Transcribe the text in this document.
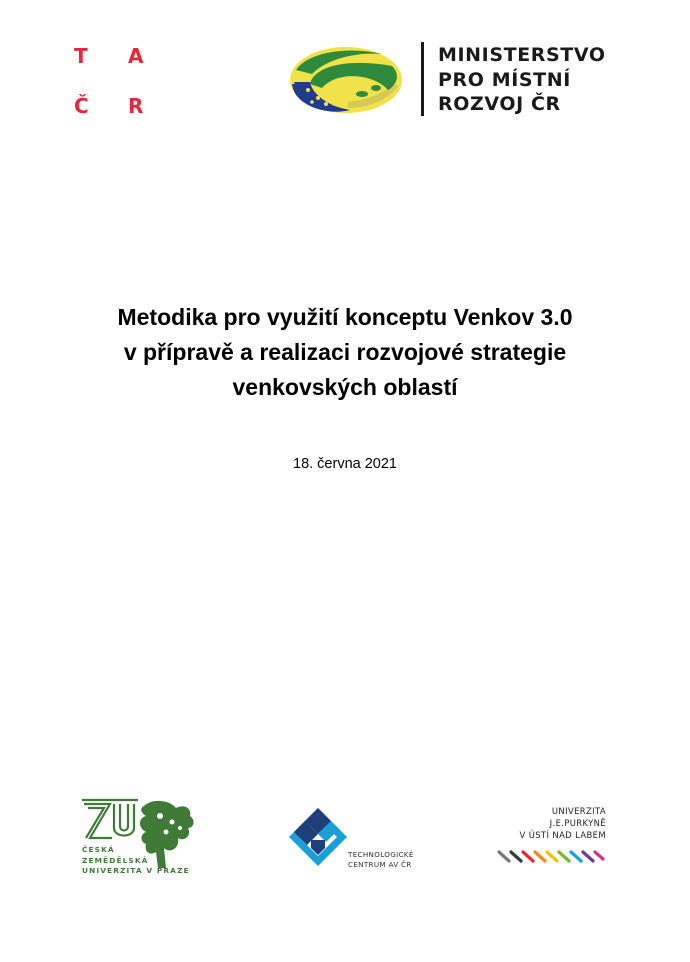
T A
Č R
MINISTERSTVO
PRO MÍSTNÍ
ROZVOJ ČR
Metodika pro využití konceptu Venkov 3.0
v přípravě a realizaci rozvojové strategie
venkovských oblastí
18. června 2021
ČESKÁ
ZEMĚDĚLSKÁ
UNIVERZITA V PRAZE
TECHNOLOGICKÉ
CENTRUM AV ČR
UNIVERZITA
J.E.PURKYNĚ
V ÚSTÍ NAD LABEM
